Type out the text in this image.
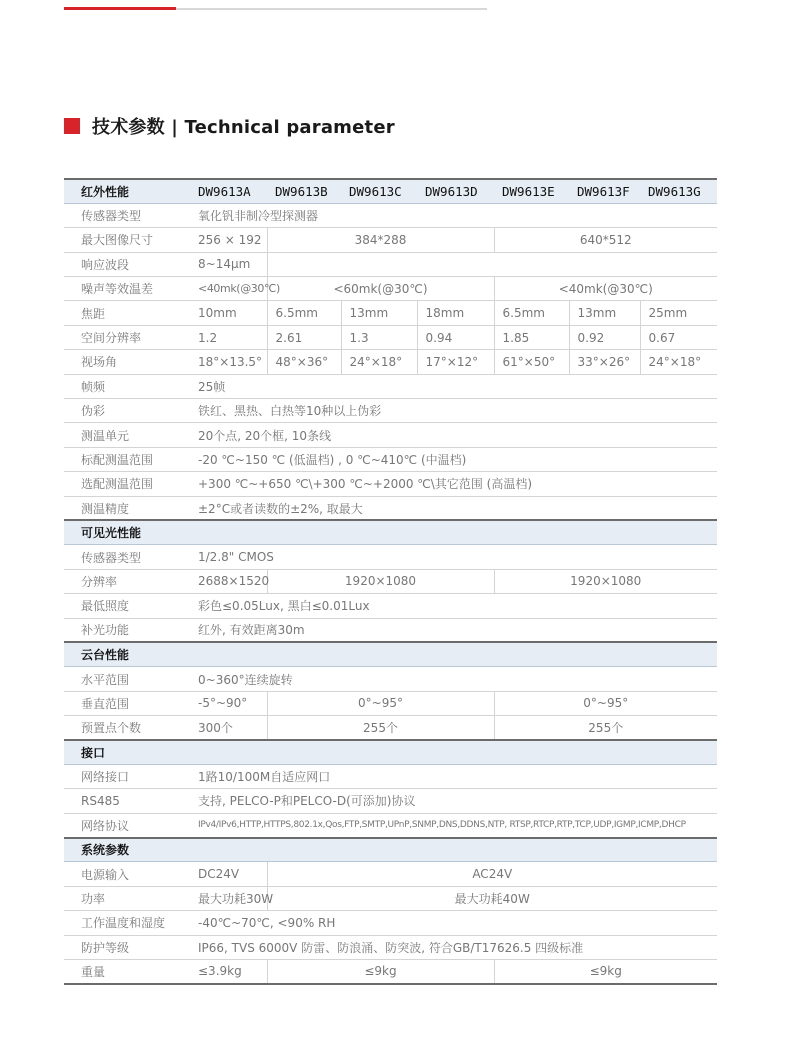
技术参数 | Technical parameter
红外性能	DW9613A	DW9613B	DW9613C	DW9613D	DW9613E	DW9613F	DW9613G
传感器类型	氧化钒非制冷型探测器						
最大图像尺寸	256 × 192	384*288			640*512		
响应波段	8~14μm						
噪声等效温差	<40mk(@30℃)	<60mk(@30℃)			<40mk(@30℃)		
焦距	10mm	6.5mm	13mm	18mm	6.5mm	13mm	25mm
空间分辨率	1.2	2.61	1.3	0.94	1.85	0.92	0.67
视场角	18°×13.5°	48°×36°	24°×18°	17°×12°	61°×50°	33°×26°	24°×18°
帧频	25帧						
伪彩	铁红、黑热、白热等10种以上伪彩						
测温单元	20个点, 20个框, 10条线						
标配测温范围	-20 ℃~150 ℃ (低温档) , 0 ℃~410℃ (中温档)						
选配测温范围	+300 ℃~+650 ℃\+300 ℃~+2000 ℃\其它范围 (高温档)						
测温精度	±2°C或者读数的±2%, 取最大						
可见光性能							
传感器类型	1/2.8" CMOS						
分辨率	2688×1520	1920×1080			1920×1080		
最低照度	彩色≤0.05Lux, 黑白≤0.01Lux						
补光功能	红外, 有效距离30m						
云台性能							
水平范围	0~360°连续旋转						
垂直范围	-5°~90°	0°~95°			0°~95°		
预置点个数	300个	255个			255个		
接口							
网络接口	1路10/100M自适应网口						
RS485	支持, PELCO-P和PELCO-D(可添加)协议						
网络协议	IPv4/IPv6,HTTP,HTTPS,802.1x,Qos,FTP,SMTP,UPnP,SNMP,DNS,DDNS,NTP, RTSP,RTCP,RTP,TCP,UDP,IGMP,ICMP,DHCP						
系统参数							
电源输入	DC24V	AC24V					
功率	最大功耗30W	最大功耗40W					
工作温度和湿度	-40℃~70℃, <90% RH						
防护等级	IP66, TVS 6000V 防雷、防浪涌、防突波, 符合GB/T17626.5 四级标准						
重量	≤3.9kg	≤9kg			≤9kg		
